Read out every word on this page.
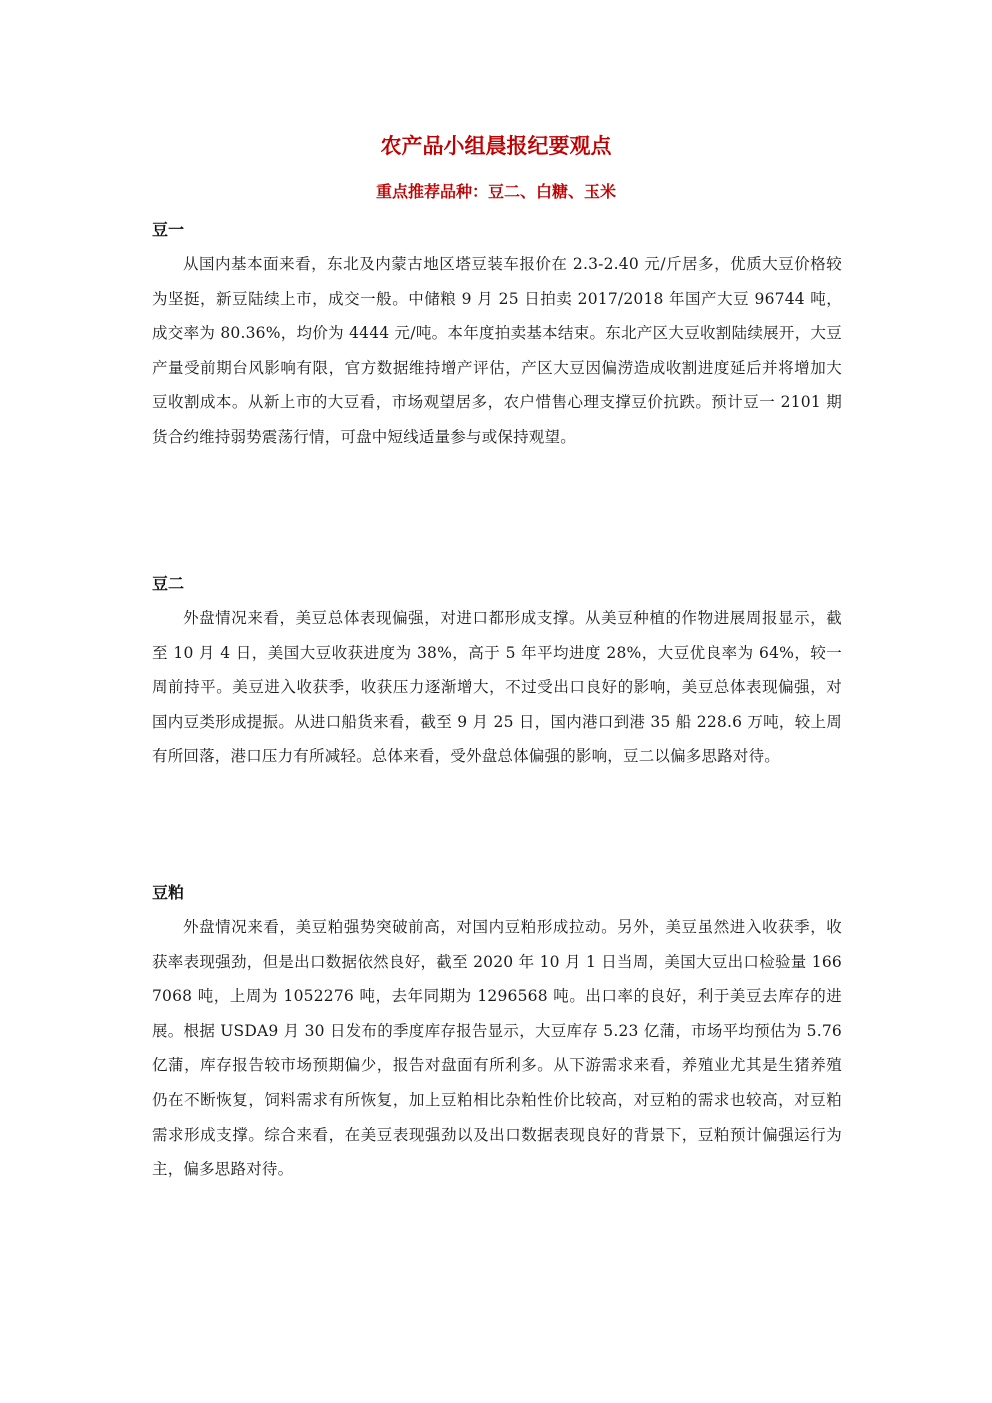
农产品小组晨报纪要观点
重点推荐品种：豆二、白糖、玉米
豆一

从国内基本面来看，东北及内蒙古地区塔豆装车报价在 2.3-2.40 元/斤居多，优质大豆价格较为坚挺，新豆陆续上市，成交一般。中储粮 9 月 25 日拍卖 2017/2018 年国产大豆 96744 吨，成交率为 80.36%，均价为 4444 元/吨。本年度拍卖基本结束。东北产区大豆收割陆续展开，大豆产量受前期台风影响有限，官方数据维持增产评估，产区大豆因偏涝造成收割进度延后并将增加大豆收割成本。从新上市的大豆看，市场观望居多，农户惜售心理支撑豆价抗跌。预计豆一 2101 期货合约维持弱势震荡行情，可盘中短线适量参与或保持观望。

豆二

外盘情况来看，美豆总体表现偏强，对进口都形成支撑。从美豆种植的作物进展周报显示，截至 10 月 4 日，美国大豆收获进度为 38%，高于 5 年平均进度 28%，大豆优良率为 64%，较一周前持平。美豆进入收获季，收获压力逐渐增大，不过受出口良好的影响，美豆总体表现偏强，对国内豆类形成提振。从进口船货来看，截至 9 月 25 日，国内港口到港 35 船 228.6 万吨，较上周有所回落，港口压力有所减轻。总体来看，受外盘总体偏强的影响，豆二以偏多思路对待。

豆粕

外盘情况来看，美豆粕强势突破前高，对国内豆粕形成拉动。另外，美豆虽然进入收获季，收获率表现强劲，但是出口数据依然良好，截至 2020 年 10 月 1 日当周，美国大豆出口检验量 1667068 吨，上周为 1052276 吨，去年同期为 1296568 吨。出口率的良好，利于美豆去库存的进展。根据 USDA9 月 30 日发布的季度库存报告显示，大豆库存 5.23 亿蒲，市场平均预估为 5.76 亿蒲，库存报告较市场预期偏少，报告对盘面有所利多。从下游需求来看，养殖业尤其是生猪养殖仍在不断恢复，饲料需求有所恢复，加上豆粕相比杂粕性价比较高，对豆粕的需求也较高，对豆粕需求形成支撑。综合来看，在美豆表现强劲以及出口数据表现良好的背景下，豆粕预计偏强运行为主，偏多思路对待。
